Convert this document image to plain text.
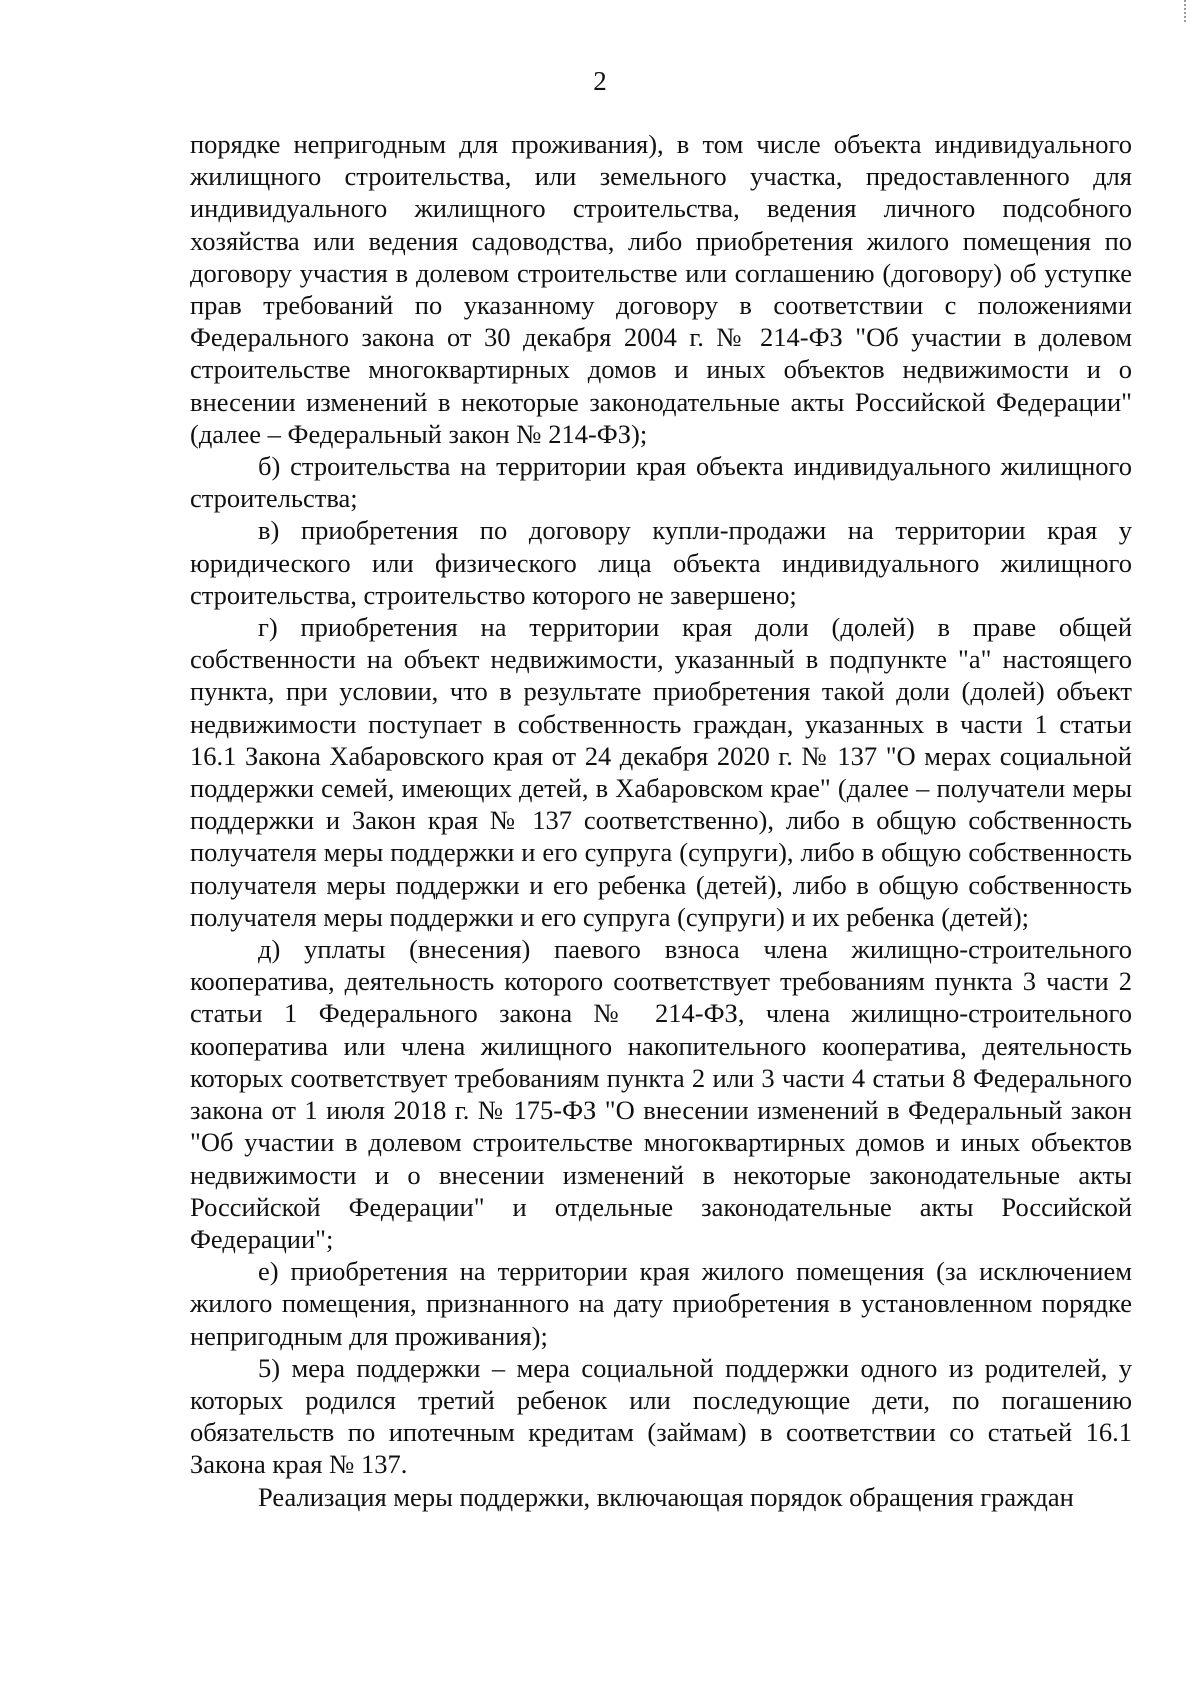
2

порядке непригодным для проживания), в том числе объекта индивидуального жилищного строительства, или земельного участка, предоставленного для индивидуального жилищного строительства, ведения личного подсобного хозяйства или ведения садоводства, либо приобретения жилого помещения по договору участия в долевом строительстве или соглашению (договору) об уступке прав требований по указанному договору в соответствии с положениями Федерального закона от 30 декабря 2004 г. № 214-ФЗ "Об участии в долевом строительстве многоквартирных домов и иных объектов недвижимости и о внесении изменений в некоторые законодательные акты Российской Федерации" (далее – Федеральный закон № 214-ФЗ);

б) строительства на территории края объекта индивидуального жилищного строительства;

в) приобретения по договору купли-продажи на территории края у юридического или физического лица объекта индивидуального жилищного строительства, строительство которого не завершено;

г) приобретения на территории края доли (долей) в праве общей собственности на объект недвижимости, указанный в подпункте "а" настоящего пункта, при условии, что в результате приобретения такой доли (долей) объект недвижимости поступает в собственность граждан, указанных в части 1 статьи 16.1 Закона Хабаровского края от 24 декабря 2020 г. № 137 "О мерах социальной поддержки семей, имеющих детей, в Хабаровском крае" (далее – получатели меры поддержки и Закон края № 137 соответственно), либо в общую собственность получателя меры поддержки и его супруга (супруги), либо в общую собственность получателя меры поддержки и его ребенка (детей), либо в общую собственность получателя меры поддержки и его супруга (супруги) и их ребенка (детей);

д) уплаты (внесения) паевого взноса члена жилищно-строительного кооператива, деятельность которого соответствует требованиям пункта 3 части 2 статьи 1 Федерального закона № 214-ФЗ, члена жилищно-строительного кооператива или члена жилищного накопительного кооператива, деятельность которых соответствует требованиям пункта 2 или 3 части 4 статьи 8 Федерального закона от 1 июля 2018 г. № 175-ФЗ "О внесении изменений в Федеральный закон "Об участии в долевом строительстве многоквартирных домов и иных объектов недвижимости и о внесении изменений в некоторые законодательные акты Российской Федерации" и отдельные законодательные акты Российской Федерации";

е) приобретения на территории края жилого помещения (за исключением жилого помещения, признанного на дату приобретения в установленном порядке непригодным для проживания);

5) мера поддержки – мера социальной поддержки одного из родителей, у которых родился третий ребенок или последующие дети, по погашению обязательств по ипотечным кредитам (займам) в соответствии со статьей 16.1 Закона края № 137.

Реализация меры поддержки, включающая порядок обращения граждан
